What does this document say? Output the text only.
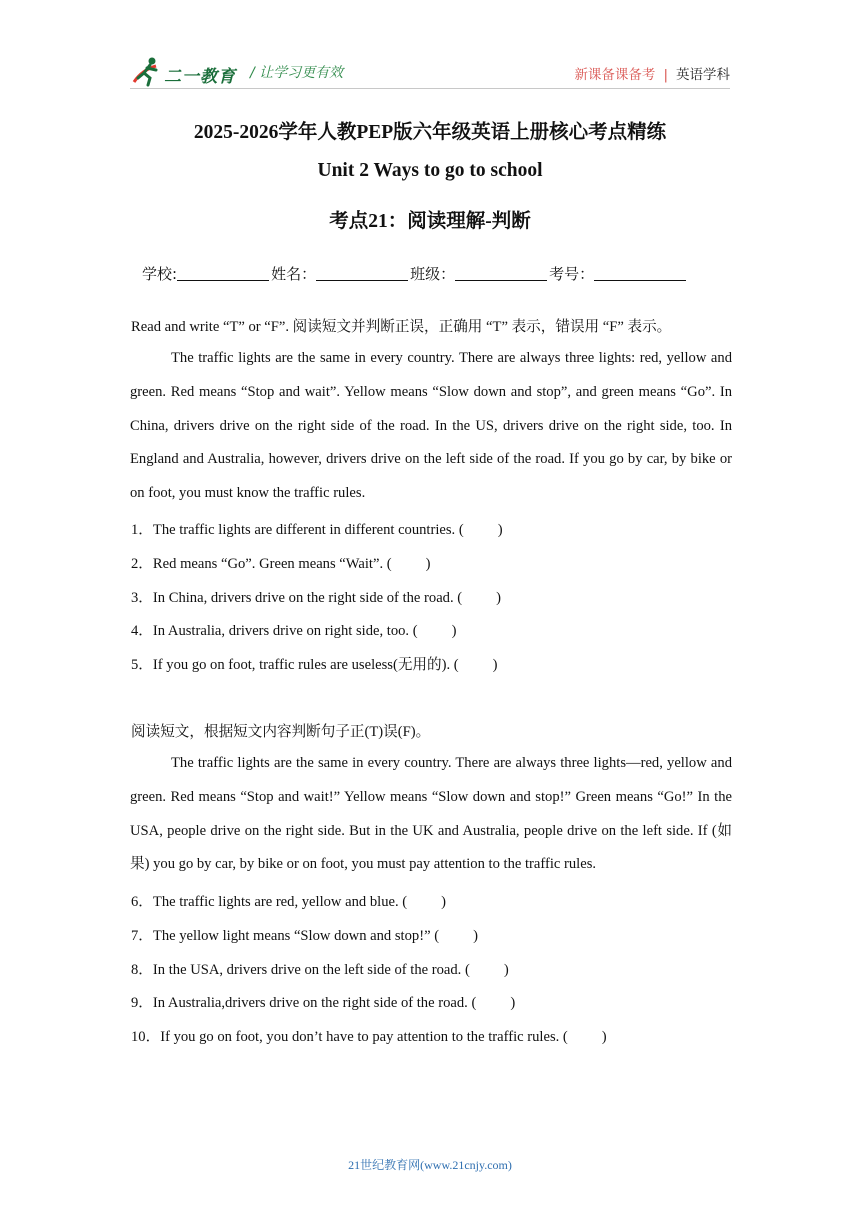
二一教育 / 让学习更有效	新课备课备考 | 英语学科
2025-2026学年人教PEP版六年级英语上册核心考点精练
Unit 2 Ways to go to school
考点21：阅读理解-判断
学校:	姓名：	班级：	考号：
Read and write “T” or “F”. 阅读短文并判断正误，正确用 “T” 表示，错误用 “F” 表示。
The traffic lights are the same in every country. There are always three lights: red, yellow and green. Red means “Stop and wait”. Yellow means “Slow down and stop”, and green means “Go”. In China, drivers drive on the right side of the road. In the US, drivers drive on the right side, too. In England and Australia, however, drivers drive on the left side of the road. If you go by car, by bike or on foot, you must know the traffic rules.
1．The traffic lights are different in different countries. ( )
2．Red means “Go”. Green means “Wait”. ( )
3．In China, drivers drive on the right side of the road. ( )
4．In Australia, drivers drive on right side, too. ( )
5．If you go on foot, traffic rules are useless(无用的). ( )
阅读短文，根据短文内容判断句子正(T)误(F)。
The traffic lights are the same in every country. There are always three lights—red, yellow and green. Red means “Stop and wait!” Yellow means “Slow down and stop!” Green means “Go!” In the USA, people drive on the right side. But in the UK and Australia, people drive on the left side. If (如果) you go by car, by bike or on foot, you must pay attention to the traffic rules.
6．The traffic lights are red, yellow and blue. ( )
7．The yellow light means “Slow down and stop!” ( )
8．In the USA, drivers drive on the left side of the road. ( )
9．In Australia,drivers drive on the right side of the road. ( )
10．If you go on foot, you don’t have to pay attention to the traffic rules. ( )
21世纪教育网(www.21cnjy.com)
